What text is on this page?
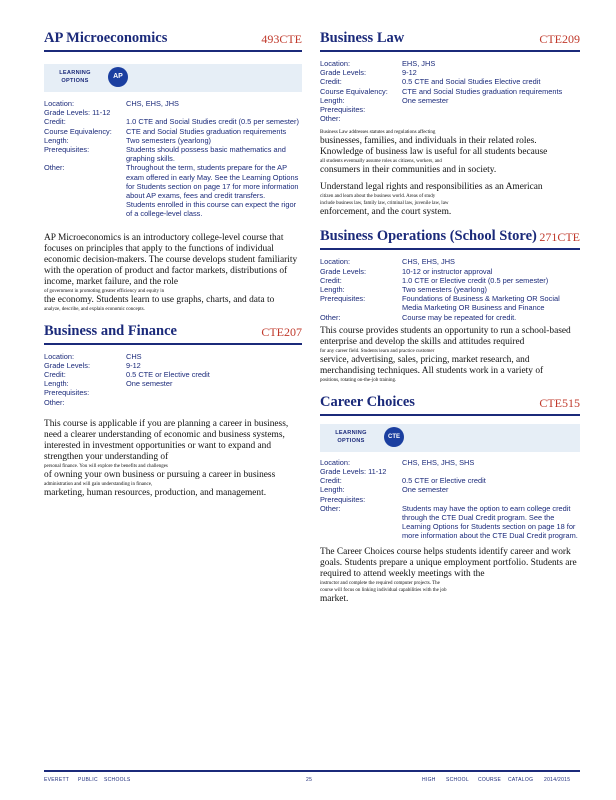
AP Microeconomics	493CTE
LEARNING OPTIONS
AP
Location:	CHS, EHS, JHS
Grade Levels: 11-12
Credit:	1.0 CTE and Social Studies credit (0.5 per semester)
Course Equivalency:	CTE and Social Studies graduation requirements
Length:	Two semesters (yearlong)
Prerequisites:	Students should possess basic mathematics and graphing skills.
Other:	Throughout the term, students prepare for the AP exam offered in early May. See the Learning Options for Students section on page 17 for more information about AP exams, fees and credit transfers.
Students enrolled in this course can expect the rigor of a college-level class.
AP Microeconomics is an introductory college-level course that focuses on principles that apply to the functions of individual economic decision-makers. The course develops student familiarity with the operation of product and factor markets, distributions of income, market failure, and the role
of government in promoting greater efficiency and equity in
the economy. Students learn to use graphs, charts, and data to
analyze, describe, and explain economic concepts.
Business and Finance	CTE207
Location:	CHS
Grade Levels:	9-12
Credit:	0.5 CTE or Elective credit
Length:	One semester
Prerequisites:
Other:
This course is applicable if you are planning a career in business, need a clearer understanding of economic and business systems, interested in investment opportunities or want to expand and strengthen your understanding of
personal finance. You will explore the benefits and challenges
of owning your own business or pursuing a career in business
administration and will gain understanding in finance,
marketing, human resources, production, and management.
Business Law	CTE209
Location:	EHS, JHS
Grade Levels:	9-12
Credit:	0.5 CTE and Social Studies Elective credit
Course Equivalency:	CTE and Social Studies graduation requirements
Length:	One semester
Prerequisites:
Other:
Business Law addresses statutes and regulations affecting
businesses, families, and individuals in their related roles. Knowledge of business law is useful for all students because
all students eventually assume roles as citizens, workers, and
consumers in their communities and in society.
Understand legal rights and responsibilities as an American
citizen and learn about the business world. Areas of study
include business law, family law, criminal law, juvenile law, law
enforcement, and the court system.
Business Operations (School Store) 271CTE
Location:	CHS, EHS, JHS
Grade Levels:	10-12 or instructor approval
Credit:	1.0 CTE or Elective credit (0.5 per semester)
Length:	Two semesters (yearlong)
Prerequisites:	Foundations of Business & Marketing OR Social Media Marketing OR Business and Finance
Other:	Course may be repeated for credit.
This course provides students an opportunity to run a school-based enterprise and develop the skills and attitudes required
for any career field. Students learn and practice customer
service, advertising, sales, pricing, market research, and merchandising techniques. All students work in a variety of
positions, rotating on-the-job training.
Career Choices	CTE515
LEARNING OPTIONS
CTE
Location:	CHS, EHS, JHS, SHS
Grade Levels: 11-12
Credit:	0.5 CTE or Elective credit
Length:	One semester
Prerequisites:
Other:	Students may have the option to earn college credit through the CTE Dual Credit program. See the Learning Options for Students section on page 18 for more information about the CTE Dual Credit program.
The Career Choices course helps students identify career and work goals. Students prepare a unique employment portfolio. Students are required to attend weekly meetings with the
instructor and complete the required computer projects. The
course will focus on linking individual capabilities with the job
market.
EVERETT PUBLIC SCHOOLS	25	HIGH SCHOOL COURSE CATALOG 2014/2015
